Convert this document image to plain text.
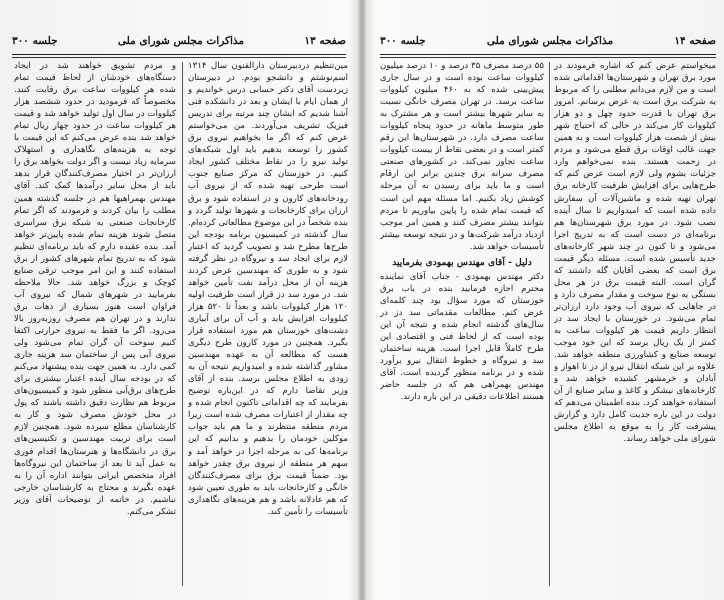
صفحه ۱۳
مذاکرات مجلس شورای ملی
جلسه ۳۰۰

مین‌تنظیم‌ در‌دبیرستان دار‌الفنون سال ۱۳۱۴ اسم‌نوشتم و‌ دانشجو بودم. در دبیرستان زیر‌دست آقای دکتر حسابی درس خواندیم و‌ از همان ایام با ایشان و بعد در دانشکده فنی آشنا شدیم که ایشان چند مرتبه برای تدریس فیزیک تشریف می‌آوردند. من می‌خواستم عرض کنم که اگر ما بخواهیم نیروی برق کشور را توسعه بدهیم باید اول شبکه‌های تولید نیرو را در نقاط مختلف کشور ایجاد کنیم. در خوزستان که مرکز صنایع جنوب است طرحی تهیه شده که از نیروی آب رودخانه‌های کارون و‌ دز استفاده شود و برق ارزان برای کارخانجات و‌ شهرها تولید گردد و بنده شخصاً در این موضوع مطالعاتی کرده‌ام. سال گذشته در کمیسیون برنامه بودجه این طرح‌ها مطرح شد و تصویب گردید که اعتبار لازم برای ایجاد سد و‌ نیروگاه در نظر گرفته شود و‌ به طوری که مهندسین عرض کردند هزینه آن از محل درآمد نفت تأمین خواهد شد. در مورد سد دز قرار است ظرفیت اولیه ۱۲۰ هزار کیلووات باشد و بعداً تا ۵۲۰ هزار کیلووات افزایش یابد و‌ آب آن برای آبیاری دشت‌های خوزستان هم مورد استفاده قرار بگیرد. همچنین در مورد کارون طرح دیگری هست که مطالعه آن به عهده مهندسین مشاور گذاشته شده و‌ امیدواریم نتیجه آن به زودی به اطلاع مجلس برسد. بنده از‌ آقای وزیر تقاضا دارم که در این‌باره توضیح بفرمایند که چه اقداماتی تاکنون انجام شده و‌ چه مقدار از اعتبارات مصرف شده است زیرا مردم منطقه منتظرند و ما هم باید جواب موکلین خودمان را بدهیم و بدانیم که این برنامه‌ها کی به مرحله اجرا در خواهد آمد و‌ سهم هر منطقه از نیروی برق چقدر خواهد بود. ضمناً قیمت برق برای مصرف‌کنندگان خانگی و کارخانجات باید به طوری تعیین شود که هم عادلانه باشد و هم هزینه‌های نگاهداری تأسیسات را تأمین کند.

و مردم تشویق خواهند شد در ایجاد دستگاه‌های خودشان از‌ لحاظ قیمت تمام شده هر کیلووات ساعت برق رقابت کنند. مخصوصاً که فرمودید در حدود ششصد هزار کیلووات در سال اول تولید خواهد شد و قیمت هر کیلووات ساعت در حدود چهار ریال تمام خواهد شد بنده عرض می‌کنم که این قیمت با توجه به هزینه‌های نگاهداری و استهلاک سرمایه زیاد نیست و‌ اگر دولت بخواهد برق را ارزان‌تر در اختیار مصرف‌کنندگان قرار بدهد باید از محل سایر درآمدها کمک کند. آقای مهندس بهمراهیها هم در جلسه گذشته همین مطلب را بیان کردند و‌ فرمودند که اگر تمام کارخانجات صنعتی به شبکه برق سراسری متصل شوند هزینه تمام شده پایین‌تر خواهد آمد. بنده عقیده دارم که باید برنامه‌ای تنظیم شود که به‌ تدریج تمام شهرهای کشور از برق استفاده کنند و‌ این امر موجب ترقی صنایع کوچک و‌ بزرگ خواهد شد. حالا ملاحظه بفرمایید در شهرهای شمال که نیروی آب فراوان است هنوز بسیاری از دهات برق ندارند و در تهران هم مصرف روز‌به‌روز بالا می‌رود. اگر ما فقط به نیروی حرارتی اکتفا کنیم سوخت آن گران تمام می‌شود ولی نیروی آبی پس از ساختمان سد هزینه جاری کمی دارد. به همین جهت بنده پیشنهاد می‌کنم که در بودجه سال آینده اعتبار بیشتری برای طرح‌های برق‌آبی منظور شود و کمیسیون‌های مربوط هم نظارت دقیق داشته باشند که پول در محل خودش مصرف شود و کار به کارشناسان مطلع سپرده شود. همچنین لازم است برای تربیت مهندسین و‌ تکنیسین‌های برق در دانشگاه‌ها و‌ هنرستان‌ها اقدام فوری به عمل آید تا بعد از ساختمان این نیروگاه‌ها افراد متخصص ایرانی بتوانند اداره آن را به عهده بگیرند و محتاج به کارشناسان خارجی نباشیم. در خاتمه از توضیحات آقای وزیر تشکر می‌کنم.

صفحه ۱۴
مذاکرات مجلس شورای ملی
جلسه ۳۰۰

میخواستم عرض کنم که اشاره فرمودند در مورد برق تهران و‌ شهرستان‌ها اقداماتی شده است و‌ من لازم می‌دانم مطلبی را که مربوط به شرکت برق است به عرض برسانم. امروز برق تهران با قدرت حدود چهل‌ و‌ دو هزار کیلووات کار می‌کند در حالی که احتیاج شهر بیش از شصت هزار کیلووات است و به همین جهت غالب اوقات برق قطع می‌شود و‌ مردم در زحمت هستند. بنده نمی‌خواهم وارد جزئیات بشوم ولی لازم است عرض کنم که طرح‌هایی برای افزایش ظرفیت کارخانه برق تهران تهیه شده و‌ ماشین‌آلات آن سفارش داده شده است که امیدواریم تا سال آینده نصب شود. در مورد برق شهرستان‌ها هم برنامه‌ای در دست است که به تدریج اجرا می‌شود و‌ تا کنون در چند شهر کارخانه‌های جدید تأسیس شده است. مسئله دیگر قیمت برق است که بعضی آقایان گله داشتند که گران است. البته قیمت برق در هر محل بستگی به نوع سوخت و‌ مقدار مصرف دارد و‌ در جاهایی که نیروی آب وجود دارد ارزان‌تر تمام می‌شود. در خوزستان با ایجاد سد دز انتظار داریم قیمت هر کیلووات ساعت به کمتر از یک ریال برسد که این خود موجب توسعه صنایع و‌ کشاورزی منطقه خواهد شد. علاوه بر این شبکه انتقال نیرو از دز تا اهواز و‌ آبادان و‌ خرمشهر کشیده خواهد شد و کارخانه‌های نیشکر و‌ کاغذ و سایر صنایع از آن استفاده خواهند کرد. بنده اطمینان می‌دهم که دولت در این باره جدیت کامل دارد و‌ گزارش پیشرفت کار را به موقع به اطلاع مجلس شورای ملی خواهد رساند.

۵۵ درصد مصرف ۳۵ درصد و ۱۰ درصد میلیون کیلووات ساعت بوده است و در سال جاری پیش‌بینی شده که به ۴۶۰ میلیون کیلووات ساعت برسد. در تهران مصرف خانگی نسبت به سایر شهرها بیشتر است و‌ هر مشترک به طور متوسط ماهانه در حدود پنجاه کیلووات ساعت مصرف دارد. در شهرستان‌ها این رقم کمتر است و‌ در بعضی نقاط از بیست کیلووات ساعت تجاوز نمی‌کند. در کشورهای صنعتی مصرف سرانه برق چندین برابر این ارقام است و‌ ما باید برای رسیدن به آن مرحله کوشش زیاد بکنیم. اما مسئله مهم این است که قیمت تمام شده را پایین بیاوریم تا مردم بتوانند بیشتر مصرف کنند و‌ همین امر موجب ازدیاد درآمد شرکت‌ها و‌ در نتیجه توسعه بیشتر تأسیسات خواهد شد.

دلیل - آقای مهندس بهمودی بفرمایید

دکتر مهندس بهمودی - جناب آقای نماینده محترم اجازه فرمایید بنده در باب برق خوزستان که مورد سؤال بود چند کلمه‌ای عرض کنم. مطالعات مقدماتی سد دز در سال‌های گذشته انجام شده و‌ نتیجه آن این بوده است که از لحاظ فنی و‌ اقتصادی این طرح کاملاً قابل اجرا است. هزینه ساختمان سد و‌ نیروگاه و‌ خطوط انتقال نیرو برآورد شده و در برنامه منظور گردیده است. آقای مهندس بهمراهی هم که در جلسه حاضر هستند اطلاعات دقیقی در این باره دارند.
